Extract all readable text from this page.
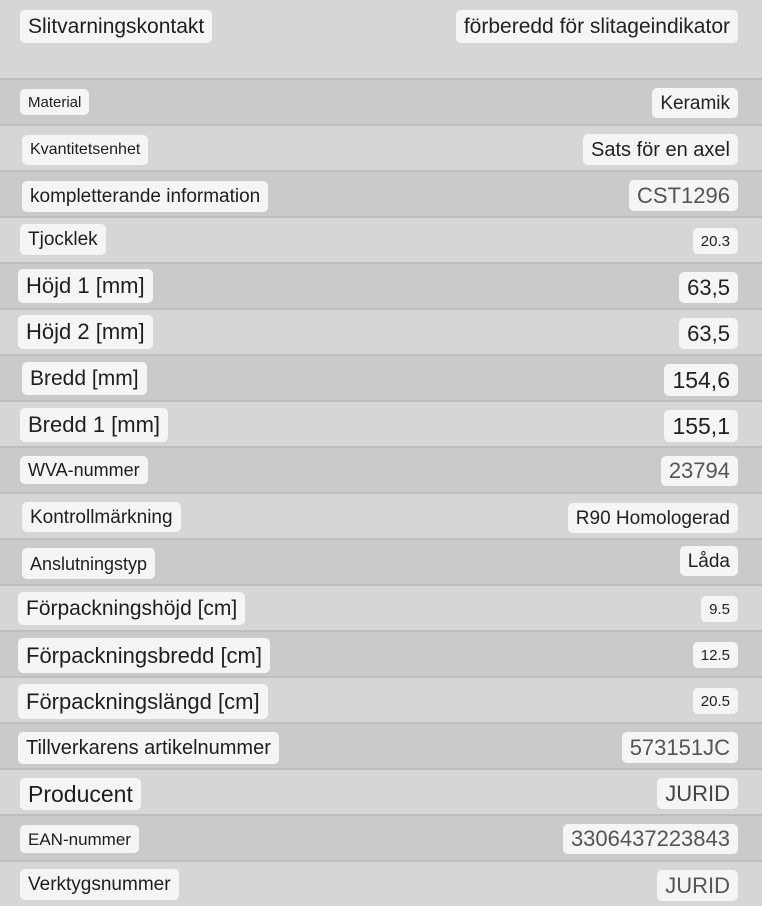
Slitvarningskontakt	förberedd för slitageindikator
Material	Keramik
Kvantitetsenhet	Sats för en axel
kompletterande information	CST1296
Tjocklek	20.3
Höjd 1 [mm]	63,5
Höjd 2 [mm]	63,5
Bredd [mm]	154,6
Bredd 1 [mm]	155,1
WVA-nummer	23794
Kontrollmärkning	R90 Homologerad
Anslutningstyp	Låda
Förpackningshöjd [cm]	9.5
Förpackningsbredd [cm]	12.5
Förpackningslängd [cm]	20.5
Tillverkarens artikelnummer	573151JC
Producent	JURID
EAN-nummer	3306437223843
Verktygsnummer	JURID
